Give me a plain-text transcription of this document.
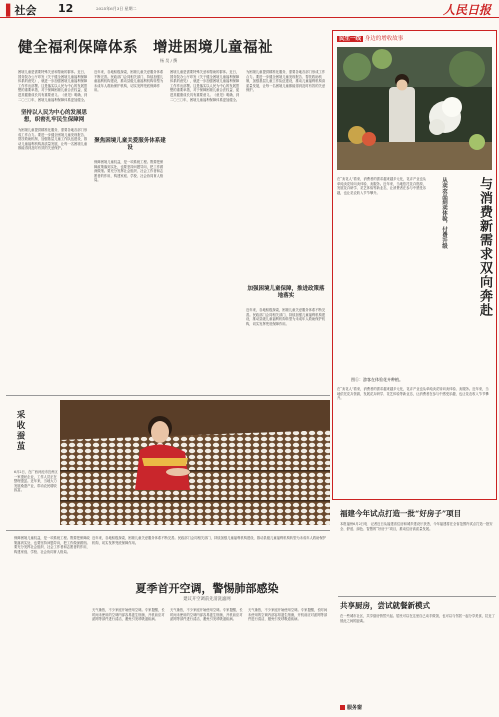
▌社会 12	2025年6月3日 星期二	人民日报
健全福利保障体系　增进困境儿童福祉
杨 昊 / 撰
坚持以人民为中心的发展思想，织密扎牢民生保障网
困境儿童是需要特殊关爱和帮助的群体。近日，国务院办公厅印发《关于健全困境儿童福利保障体系的意见》，就进一步加强困境儿童福利保障工作作出部署。这是落实以人民为中心的发展思想的重要举措，对于保障困境儿童合法权益、促进其健康成长具有重要意义。《意见》明确，到二〇三〇年，困境儿童福利保障体系更加健全。
为困境儿童提供精准化服务，需要各地各部门形成工作合力。要进一步健全困境儿童发现报告、帮扶救助机制，加强基层儿童工作队伍建设，推动儿童福利机构高质量发展，让每一名困境儿童都能得到及时有效的关爱保护。
近年来，各地积极探索，困境儿童关爱服务体系不断完善。民政部门会同相关部门，持续加强儿童福利机构建设，推动县级儿童福利机构转型为未成年人救助保护机构，切实发挥兜底保障作用。
聚焦困境儿童关爱服务体系建设
保障困境儿童权益，是一项系统工程。既要把保障政策落到实处，也要坚持问题导向，把工作做深做细。要充分发挥社会组织、社会工作者和志愿者的作用，构建家庭、学校、社会协同育人格局。
困境儿童是需要特殊关爱和帮助的群体。近日，国务院办公厅印发《关于健全困境儿童福利保障体系的意见》，就进一步加强困境儿童福利保障工作作出部署。这是落实以人民为中心的发展思想的重要举措，对于保障困境儿童合法权益、促进其健康成长具有重要意义。《意见》明确，到二〇三〇年，困境儿童福利保障体系更加健全。
为困境儿童提供精准化服务，需要各地各部门形成工作合力。要进一步健全困境儿童发现报告、帮扶救助机制，加强基层儿童工作队伍建设，推动儿童福利机构高质量发展，让每一名困境儿童都能得到及时有效的关爱保护。
加强困境儿童保障，推进政策落地落实
近年来，各地积极探索，困境儿童关爱服务体系不断完善。民政部门会同相关部门，持续加强儿童福利机构建设，推动县级儿童福利机构转型为未成年人救助保护机构，切实发挥兜底保障作用。
采收蚕茧
6月2日，在广西河池市宜州区一家蚕丝企业，工作人员正在整理蚕茧。近年来，当地大力发展桑蚕产业，带动农民增收致富。
民生一线 身边的增收故事
与消费新需求双向奔赴
从卖农品到卖体验，付费升级
在“卖花人”看来，消费者的需求越来越多元化，花卉产业也从单纯卖花转向卖体验、卖服务。近年来，当地依托花卉资源，发展花卉研学、花艺体验等新业态，让消费者在参与中感受乐趣，也让花农收入节节攀升。
在“卖花人”看来，消费者的需求越来越多元化，花卉产业也从单纯卖花转向卖体验、卖服务。近年来，当地依托花卉资源，发展花卉研学、花艺体验等新业态，让消费者在参与中感受乐趣，也让花农收入节节攀升。
图①：游客在体验花卉种植。
保障困境儿童权益，是一项系统工程。既要把保障政策落到实处，也要坚持问题导向，把工作做深做细。要充分发挥社会组织、社会工作者和志愿者的作用，构建家庭、学校、社会协同育人格局。
夏季首开空调，警惕肺部感染
建议开空调前先清洗滤网
天气渐热，不少家庭开始使用空调。专家提醒，长时间未使用的空调内部容易滋生细菌，开机前应对滤网等部件进行清洁，避免引发呼吸道疾病。
天气渐热，不少家庭开始使用空调。专家提醒，长时间未使用的空调内部容易滋生细菌，开机前应对滤网等部件进行清洁，避免引发呼吸道疾病。
天气渐热，不少家庭开始使用空调。专家提醒，长时间未使用的空调内部容易滋生细菌，开机前应对滤网等部件进行清洁，避免引发呼吸道疾病。
近年来，各地积极探索，困境儿童关爱服务体系不断完善。民政部门会同相关部门，持续加强儿童福利机构建设，推动县级儿童福利机构转型为未成年人救助保护机构，切实发挥兜底保障作用。
福建今年试点打造一批“好房子”项目
本报福州6月2日电　记者近日从福建省住房和城乡建设厅获悉，今年福建将在全省范围内试点打造一批安全、舒适、绿色、智慧的“好房子”项目，推动住房高质量发展。
共享厨房，尝试就餐新模式
在一些城市社区，共享厨房悄然兴起。居民可以在这里自己动手做饭，也可以与邻居一起分享美食，拉近了彼此之间的距离。
服务窗
